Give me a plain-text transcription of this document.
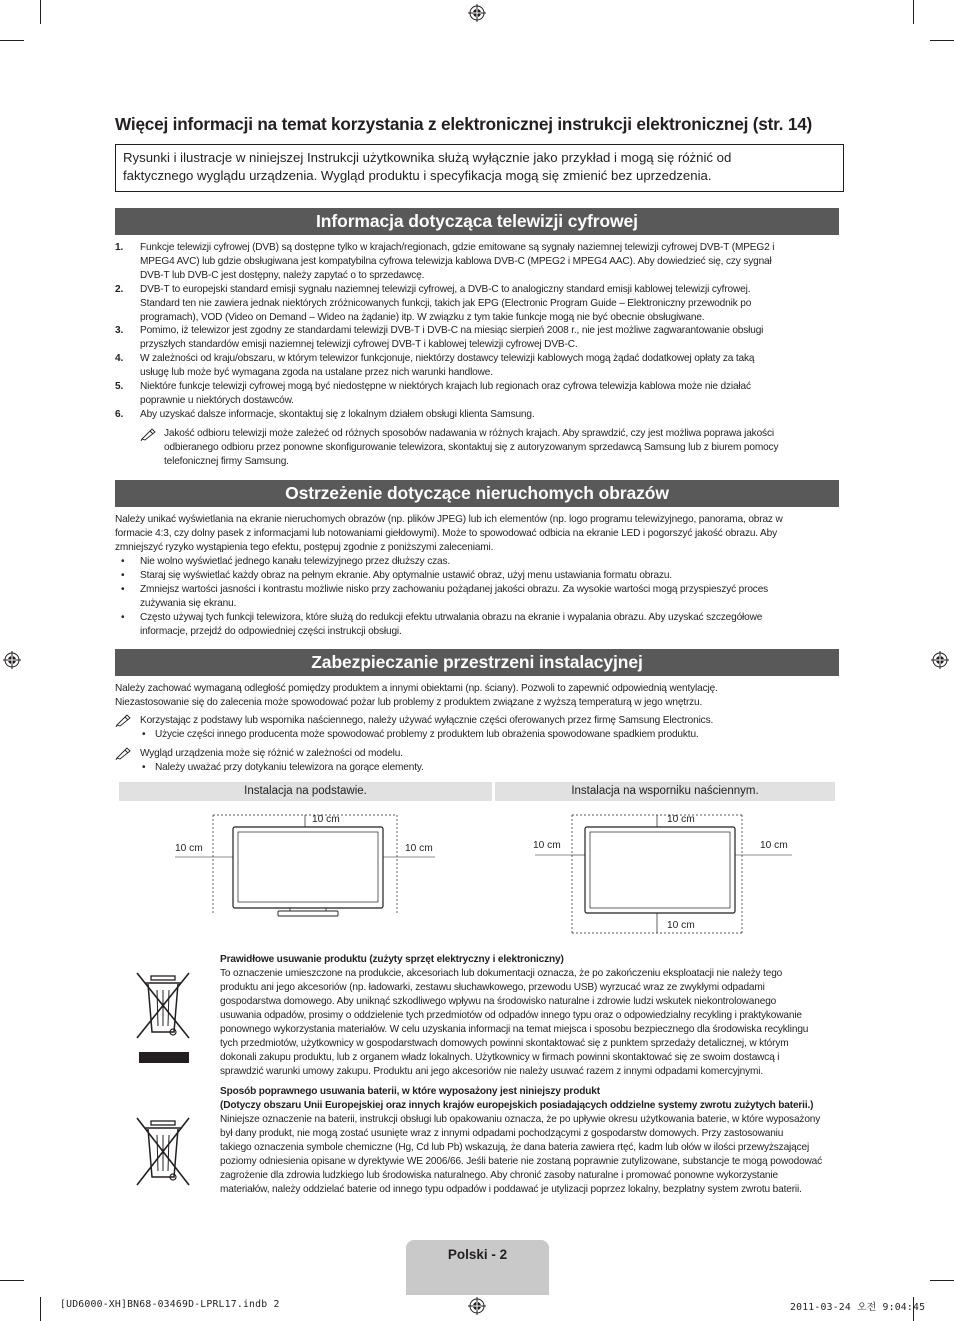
Więcej informacji na temat korzystania z elektronicznej instrukcji elektronicznej (str. 14)
Rysunki i ilustracje w niniejszej Instrukcji użytkownika służą wyłącznie jako przykład i mogą się różnić od
faktycznego wyglądu urządzenia. Wygląd produktu i specyfikacja mogą się zmienić bez uprzedzenia.
Informacja dotycząca telewizji cyfrowej
1. Funkcje telewizji cyfrowej (DVB) są dostępne tylko w krajach/regionach, gdzie emitowane są sygnały naziemnej telewizji cyfrowej DVB-T (MPEG2 i
MPEG4 AVC) lub gdzie obsługiwana jest kompatybilna cyfrowa telewizja kablowa DVB-C (MPEG2 i MPEG4 AAC). Aby dowiedzieć się, czy sygnał
DVB-T lub DVB-C jest dostępny, należy zapytać o to sprzedawcę.
2. DVB-T to europejski standard emisji sygnału naziemnej telewizji cyfrowej, a DVB-C to analogiczny standard emisji kablowej telewizji cyfrowej.
Standard ten nie zawiera jednak niektórych zróżnicowanych funkcji, takich jak EPG (Electronic Program Guide – Elektroniczny przewodnik po
programach), VOD (Video on Demand – Wideo na żądanie) itp. W związku z tym takie funkcje mogą nie być obecnie obsługiwane.
3. Pomimo, iż telewizor jest zgodny ze standardami telewizji DVB-T i DVB-C na miesiąc sierpień 2008 r., nie jest możliwe zagwarantowanie obsługi
przyszłych standardów emisji naziemnej telewizji cyfrowej DVB-T i kablowej telewizji cyfrowej DVB-C.
4. W zależności od kraju/obszaru, w którym telewizor funkcjonuje, niektórzy dostawcy telewizji kablowych mogą żądać dodatkowej opłaty za taką
usługę lub może być wymagana zgoda na ustalane przez nich warunki handlowe.
5. Niektóre funkcje telewizji cyfrowej mogą być niedostępne w niektórych krajach lub regionach oraz cyfrowa telewizja kablowa może nie działać
poprawnie u niektórych dostawców.
6. Aby uzyskać dalsze informacje, skontaktuj się z lokalnym działem obsługi klienta Samsung.
Jakość odbioru telewizji może zależeć od różnych sposobów nadawania w różnych krajach. Aby sprawdzić, czy jest możliwa poprawa jakości
odbieranego odbioru przez ponowne skonfigurowanie telewizora, skontaktuj się z autoryzowanym sprzedawcą Samsung lub z biurem pomocy
telefonicznej firmy Samsung.
Ostrzeżenie dotyczące nieruchomych obrazów
Należy unikać wyświetlania na ekranie nieruchomych obrazów (np. plików JPEG) lub ich elementów (np. logo programu telewizyjnego, panorama, obraz w
formacie 4:3, czy dolny pasek z informacjami lub notowaniami giełdowymi). Może to spowodować odbicia na ekranie LED i pogorszyć jakość obrazu. Aby
zmniejszyć ryzyko wystąpienia tego efektu, postępuj zgodnie z poniższymi zaleceniami.
• Nie wolno wyświetlać jednego kanału telewizyjnego przez dłuższy czas.
• Staraj się wyświetlać każdy obraz na pełnym ekranie. Aby optymalnie ustawić obraz, użyj menu ustawiania formatu obrazu.
• Zmniejsz wartości jasności i kontrastu możliwie nisko przy zachowaniu pożądanej jakości obrazu. Za wysokie wartości mogą przyspieszyć proces
zużywania się ekranu.
• Często używaj tych funkcji telewizora, które służą do redukcji efektu utrwalania obrazu na ekranie i wypalania obrazu. Aby uzyskać szczegółowe
informacje, przejdź do odpowiedniej części instrukcji obsługi.
Zabezpieczanie przestrzeni instalacyjnej
Należy zachować wymaganą odległość pomiędzy produktem a innymi obiektami (np. ściany). Pozwoli to zapewnić odpowiednią wentylację.
Niezastosowanie się do zalecenia może spowodować pożar lub problemy z produktem związane z wyższą temperaturą w jego wnętrzu.
Korzystając z podstawy lub wspornika naściennego, należy używać wyłącznie części oferowanych przez firmę Samsung Electronics.
• Użycie części innego producenta może spowodować problemy z produktem lub obrażenia spowodowane spadkiem produktu.
Wygląd urządzenia może się różnić w zależności od modelu.
• Należy uważać przy dotykaniu telewizora na gorące elementy.
Instalacja na podstawie.	Instalacja na wsporniku naściennym.
10 cm
10 cm	10 cm
10 cm
10 cm	10 cm
10 cm
Prawidłowe usuwanie produktu (zużyty sprzęt elektryczny i elektroniczny)
To oznaczenie umieszczone na produkcie, akcesoriach lub dokumentacji oznacza, że po zakończeniu eksploatacji nie należy tego
produktu ani jego akcesoriów (np. ładowarki, zestawu słuchawkowego, przewodu USB) wyrzucać wraz ze zwykłymi odpadami
gospodarstwa domowego. Aby uniknąć szkodliwego wpływu na środowisko naturalne i zdrowie ludzi wskutek niekontrolowanego
usuwania odpadów, prosimy o oddzielenie tych przedmiotów od odpadów innego typu oraz o odpowiedzialny recykling i praktykowanie
ponownego wykorzystania materiałów. W celu uzyskania informacji na temat miejsca i sposobu bezpiecznego dla środowiska recyklingu
tych przedmiotów, użytkownicy w gospodarstwach domowych powinni skontaktować się z punktem sprzedaży detalicznej, w którym
dokonali zakupu produktu, lub z organem władz lokalnych. Użytkownicy w firmach powinni skontaktować się ze swoim dostawcą i
sprawdzić warunki umowy zakupu. Produktu ani jego akcesoriów nie należy usuwać razem z innymi odpadami komercyjnymi.
Sposób poprawnego usuwania baterii, w które wyposażony jest niniejszy produkt
(Dotyczy obszaru Unii Europejskiej oraz innych krajów europejskich posiadających oddzielne systemy zwrotu zużytych baterii.)
Niniejsze oznaczenie na baterii, instrukcji obsługi lub opakowaniu oznacza, że po upływie okresu użytkowania baterie, w które wyposażony
był dany produkt, nie mogą zostać usunięte wraz z innymi odpadami pochodzącymi z gospodarstw domowych. Przy zastosowaniu
takiego oznaczenia symbole chemiczne (Hg, Cd lub Pb) wskazują, że dana bateria zawiera rtęć, kadm lub ołów w ilości przewyższającej
poziomy odniesienia opisane w dyrektywie WE 2006/66. Jeśli baterie nie zostaną poprawnie zutylizowane, substancje te mogą powodować
zagrożenie dla zdrowia ludzkiego lub środowiska naturalnego. Aby chronić zasoby naturalne i promować ponowne wykorzystanie
materiałów, należy oddzielać baterie od innego typu odpadów i poddawać je utylizacji poprzez lokalny, bezpłatny system zwrotu baterii.
Polski - 2
[UD6000-XH]BN68-03469D-LPRL17.indb 2	2011-03-24 오전 9:04:45
